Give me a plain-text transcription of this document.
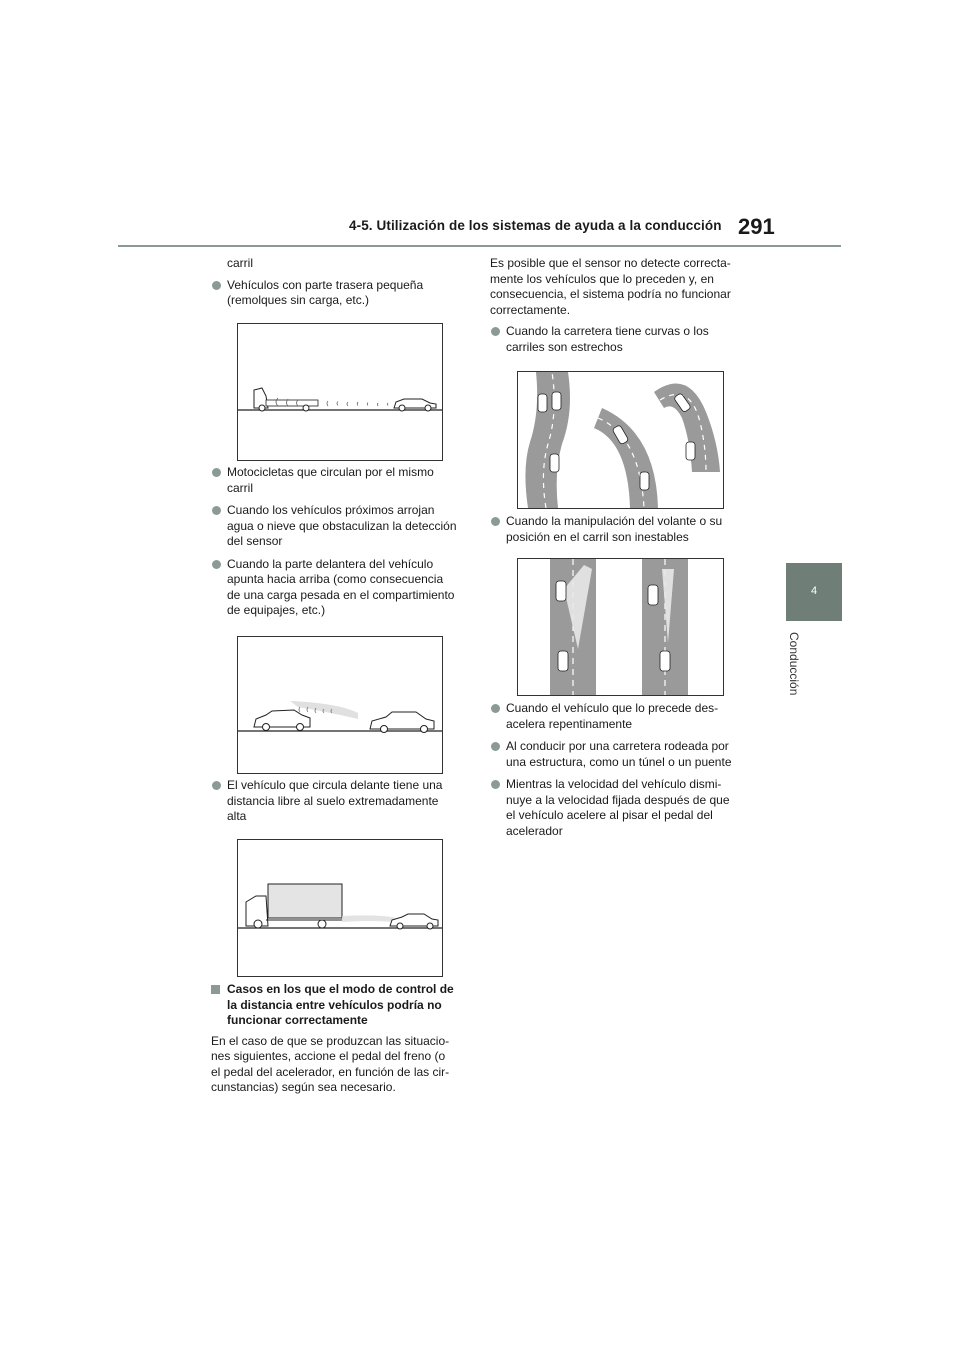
4-5. Utilización de los sistemas de ayuda a la conducción 291
4
Conducción

carril

Vehículos con parte trasera pequeña
(remolques sin carga, etc.)
Motocicletas que circulan por el mismo
carril
Cuando los vehículos próximos arrojan
agua o nieve que obstaculizan la detección
del sensor
Cuando la parte delantera del vehículo
apunta hacia arriba (como consecuencia
de una carga pesada en el compartimiento
de equipajes, etc.)
El vehículo que circula delante tiene una
distancia libre al suelo extremadamente
alta
Casos en los que el modo de control de
la distancia entre vehículos podría no
funcionar correctamente
En el caso de que se produzcan las situacio-
nes siguientes, accione el pedal del freno (o
el pedal del acelerador, en función de las cir-
cunstancias) según sea necesario.
Es posible que el sensor no detecte correcta-
mente los vehículos que lo preceden y, en
consecuencia, el sistema podría no funcionar
correctamente.
Cuando la carretera tiene curvas o los
carriles son estrechos
Cuando la manipulación del volante o su
posición en el carril son inestables
Cuando el vehículo que lo precede des-
acelera repentinamente
Al conducir por una carretera rodeada por
una estructura, como un túnel o un puente
Mientras la velocidad del vehículo dismi-
nuye a la velocidad fijada después de que
el vehículo acelere al pisar el pedal del
acelerador
